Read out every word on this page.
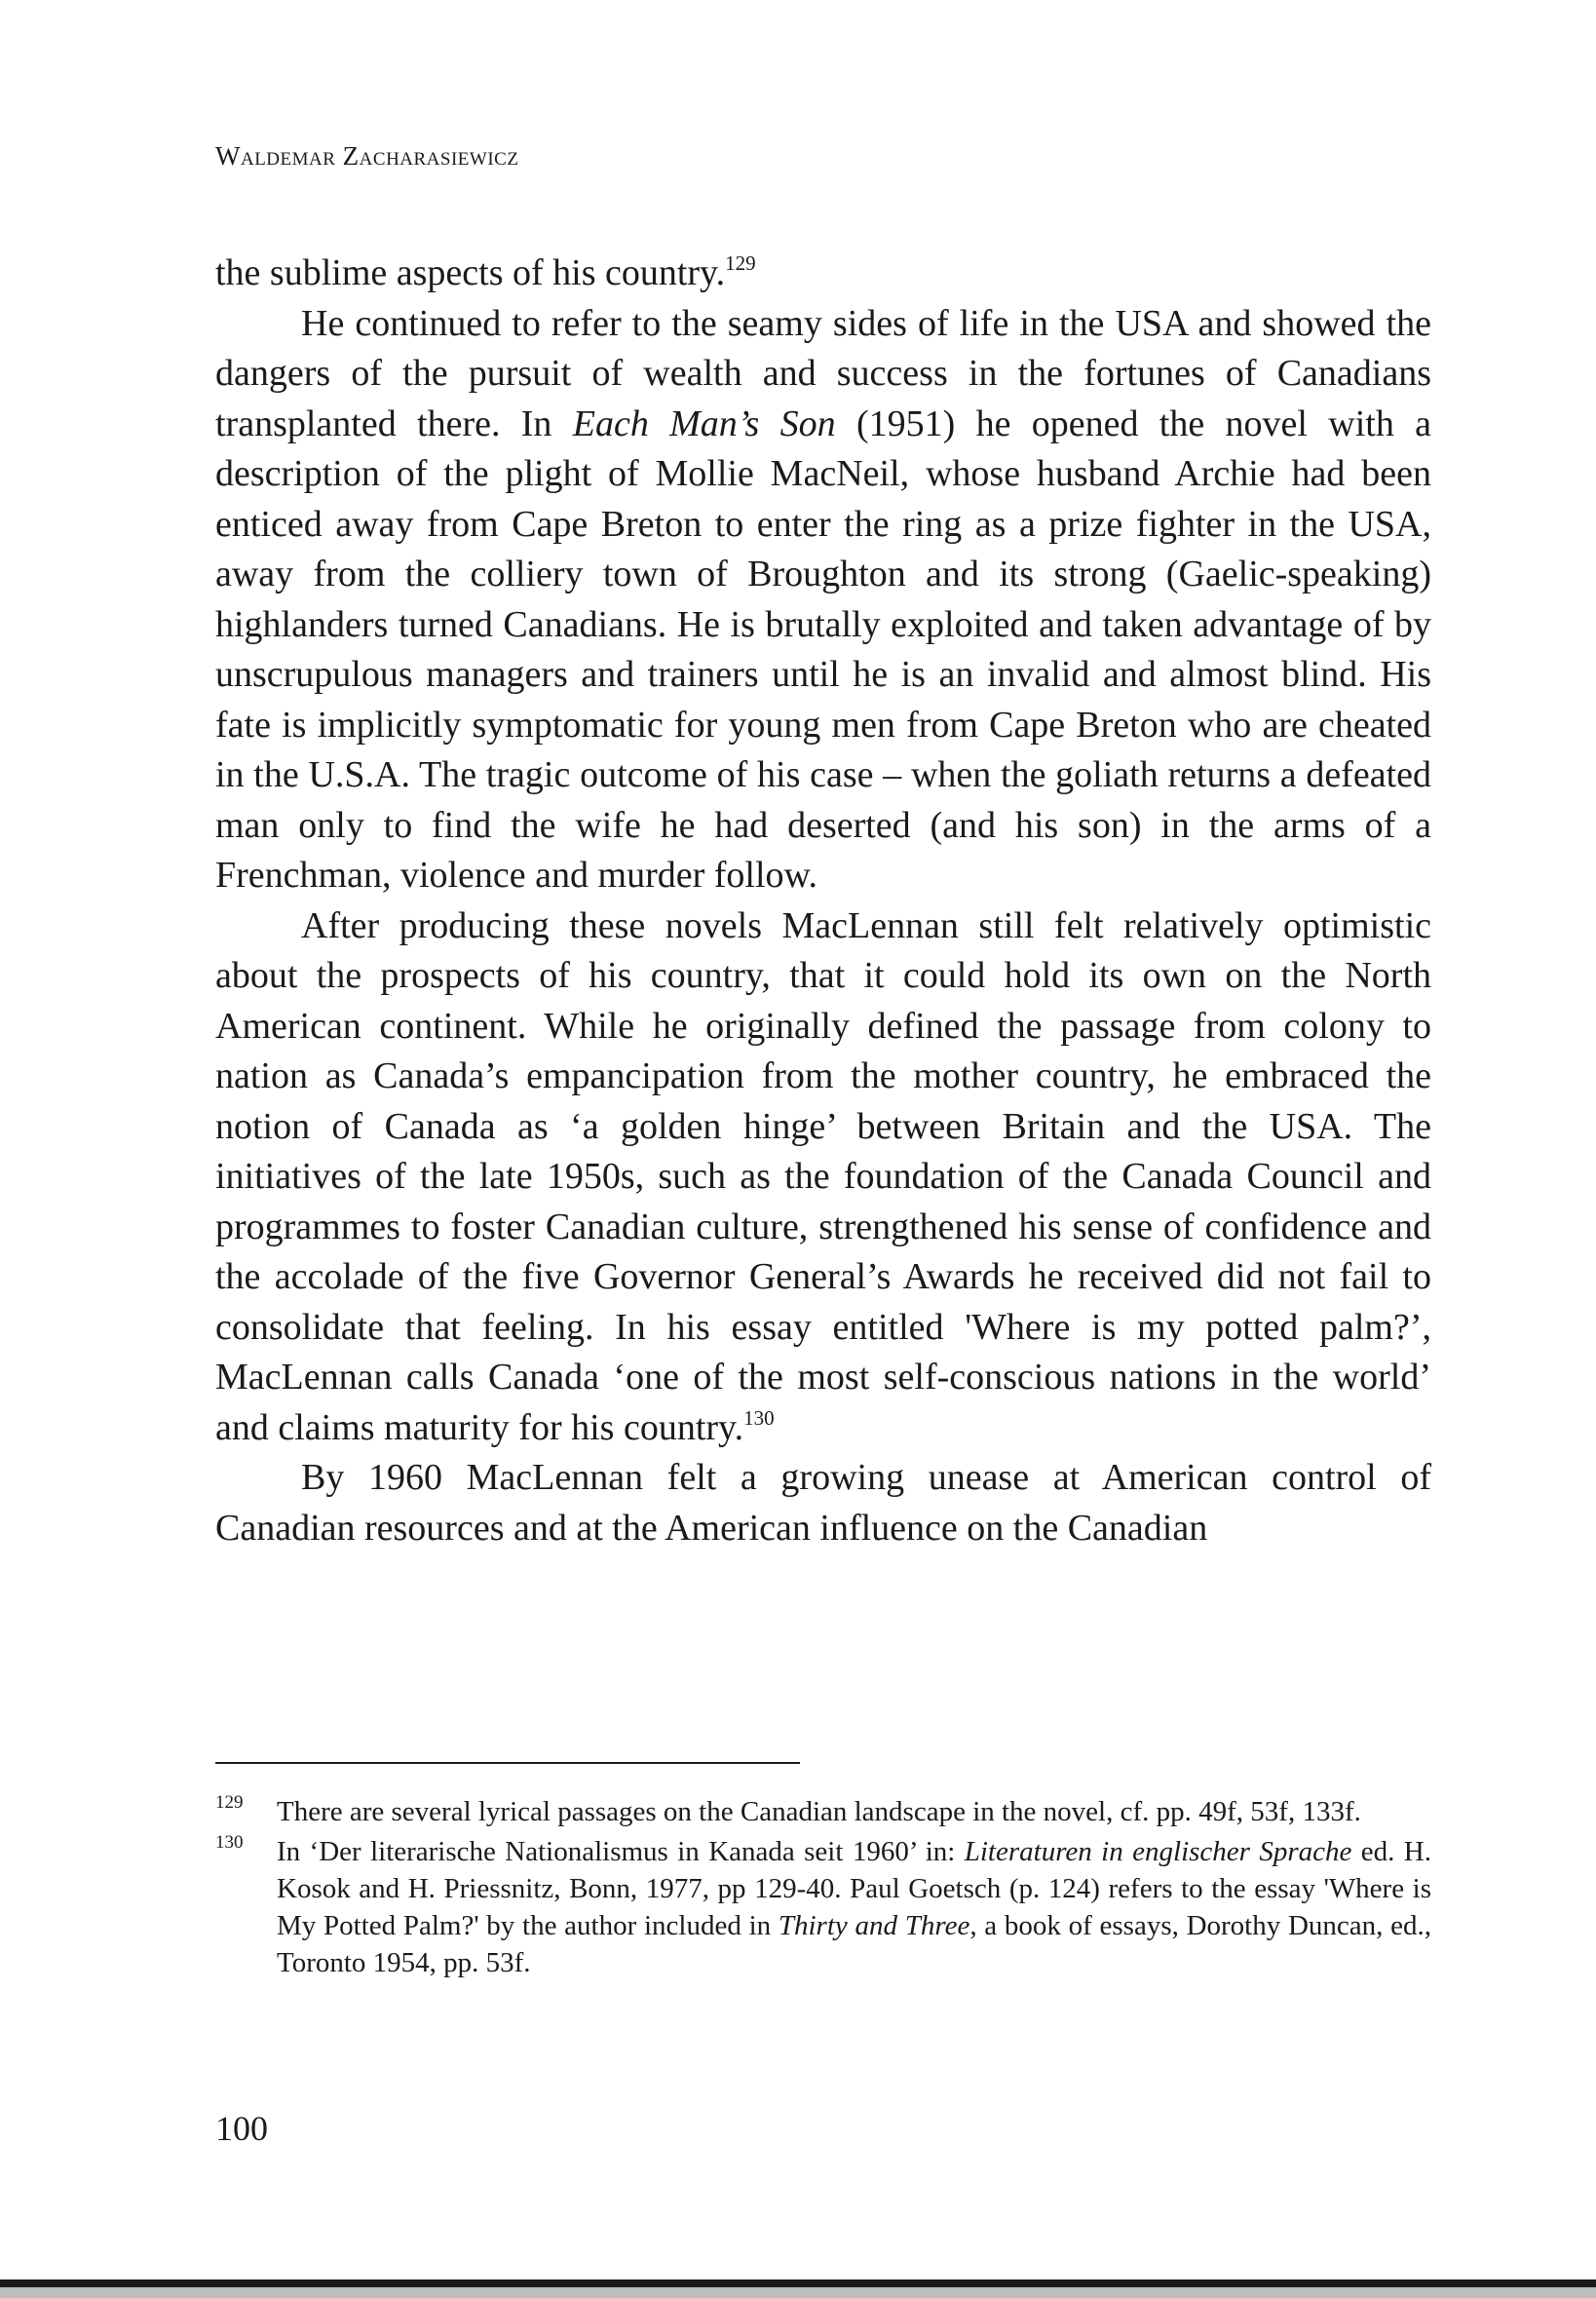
Waldemar Zacharasiewicz

the sublime aspects of his country.$^{129}$

He continued to refer to the seamy sides of life in the USA and showed the dangers of the pursuit of wealth and success in the fortunes of Canadians transplanted there. In Each Man’s Son (1951) he opened the novel with a description of the plight of Mollie MacNeil, whose husband Archie had been enticed away from Cape Breton to enter the ring as a prize fighter in the USA, away from the colliery town of Broughton and its strong (Gaelic-speaking) highlanders turned Canadians. He is brutally exploited and taken advantage of by unscrupulous managers and trainers until he is an invalid and almost blind. His fate is implicitly symptomatic for young men from Cape Breton who are cheated in the U.S.A. The tragic outcome of his case – when the goliath returns a defeated man only to find the wife he had deserted (and his son) in the arms of a Frenchman, violence and murder follow.

After producing these novels MacLennan still felt relatively optimistic about the prospects of his country, that it could hold its own on the North American continent. While he originally defined the passage from colony to nation as Canada’s empancipation from the mother country, he embraced the notion of Canada as ‘a golden hinge’ between Britain and the USA. The initiatives of the late 1950s, such as the foundation of the Canada Council and programmes to foster Canadian culture, strengthened his sense of confidence and the accolade of the five Governor General’s Awards he received did not fail to consolidate that feeling. In his essay entitled 'Where is my potted palm?’, MacLennan calls Canada ‘one of the most self-conscious nations in the world’ and claims maturity for his country.$^{130}$

By 1960 MacLennan felt a growing unease at American control of Canadian resources and at the American influence on the Canadian

129	There are several lyrical passages on the Canadian landscape in the novel, cf. pp. 49f, 53f, 133f.
130	In ‘Der literarische Nationalismus in Kanada seit 1960’ in: Literaturen in englischer Sprache ed. H. Kosok and H. Priessnitz, Bonn, 1977, pp 129-40. Paul Goetsch (p. 124) refers to the essay 'Where is My Potted Palm?' by the author included in Thirty and Three, a book of essays, Dorothy Duncan, ed., Toronto 1954, pp. 53f.
100
